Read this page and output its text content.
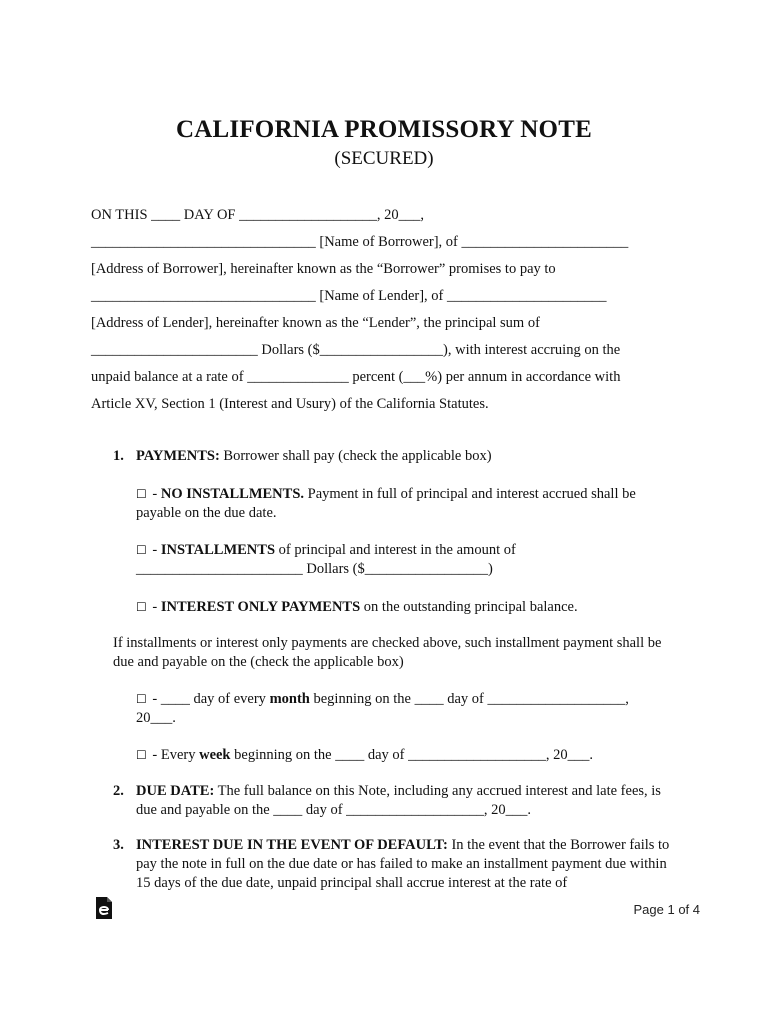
CALIFORNIA PROMISSORY NOTE
(SECURED)
ON THIS ____ DAY OF ___________________, 20___,
_______________________________ [Name of Borrower], of _______________________
[Address of Borrower], hereinafter known as the “Borrower” promises to pay to
_______________________________ [Name of Lender], of ______________________
[Address of Lender], hereinafter known as the “Lender”, the principal sum of
_______________________ Dollars ($_________________), with interest accruing on the
unpaid balance at a rate of ______________ percent (___%) per annum in accordance with
Article XV, Section 1 (Interest and Usury) of the California Statutes.
1. PAYMENTS: Borrower shall pay (check the applicable box)
☐ - NO INSTALLMENTS. Payment in full of principal and interest accrued shall be payable on the due date.
☐ - INSTALLMENTS of principal and interest in the amount of
_______________________ Dollars ($_________________)
☐ - INTEREST ONLY PAYMENTS on the outstanding principal balance.
If installments or interest only payments are checked above, such installment payment shall be due and payable on the (check the applicable box)
☐ - ____ day of every month beginning on the ____ day of ___________________, 20___.
☐ - Every week beginning on the ____ day of ___________________, 20___.
2. DUE DATE: The full balance on this Note, including any accrued interest and late fees, is due and payable on the ____ day of ___________________, 20___.
3. INTEREST DUE IN THE EVENT OF DEFAULT: In the event that the Borrower fails to pay the note in full on the due date or has failed to make an installment payment due within 15 days of the due date, unpaid principal shall accrue interest at the rate of
Page 1 of 4
